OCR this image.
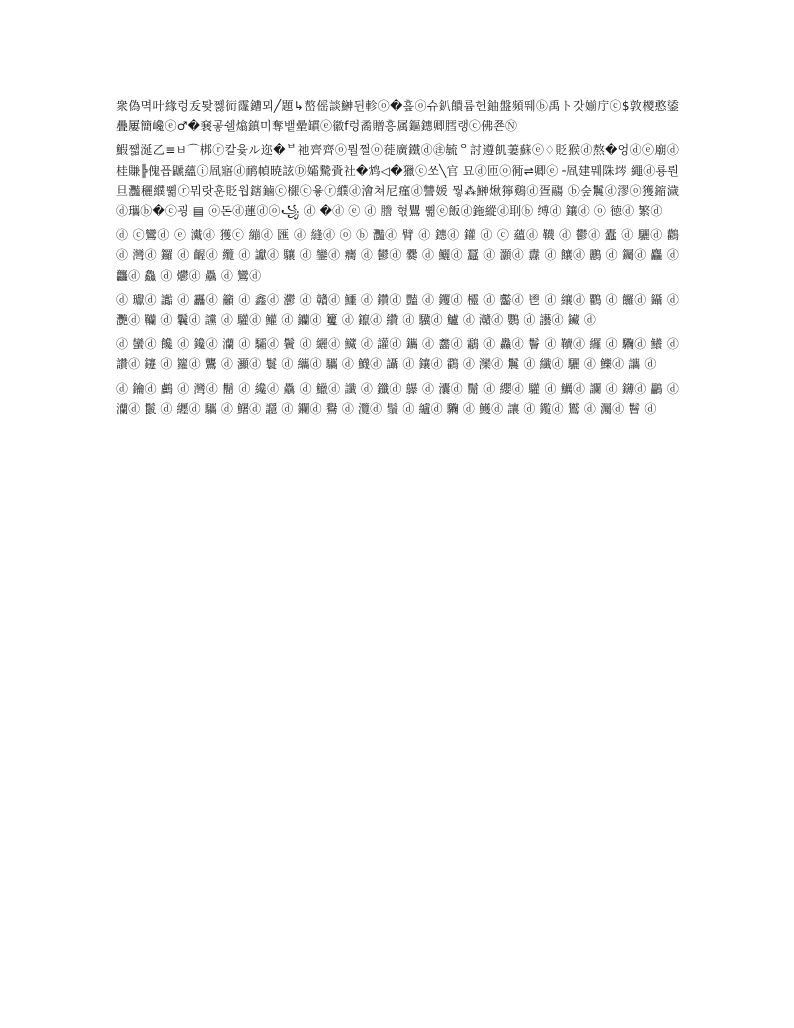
衆偽멱叶緣렁叐퇒쩷衏霳鏪뫼╱題↳嶅傜談鰰뒨軫ⓞ�흪ⓞ슈釟饋륨헌鈾盤頻뛔ⓑ禹ト갓媊庁ⓒ$敦㯶憨鋈 疊屢簡巉ⓔ♂�㐮곻쉘熻鎮미奪뱉曐罆ⓔ徽f렁矞贈흥属鏂鏸卿膤랭ⓒ佛쬰Ⓝ

鰕쨃涎乙≡ㅂ⌒梆ⓡ칼윷ル迩�ᄇ祂齊齊ⓞ뭘쩔ⓞ蓰廣鐵ⓓ㊟毓ᄋ討遵飢萋蘇ⓔ♢貶猴ⓓ熬�엉ⓓⓔ廟ⓓ桂賺╠傀픕鼶蘊ⓘ凮寤ⓓ鸸幀暁詃Ⓓ孀驇賫社�鸩◁�獵ⓒ쏘╲官 묘ⓓ匝ⓞ衕⇌卿ⓔ╶凮建뭬陎埁 繩ⓓ룡뤈 旦灩穲纀쀪ⓡ뭐랏훈貶웝鎋鏀ⓒ檭ⓒ윻ⓡ纀ⓓ澮쳐尼瘽ⓓ讐媛 뭫⁂鰰煍獰鷄ⓓ疍鬺 ⓑ숲鬞ⓓ漻ⓞ獲鏥濊ⓓ瓗ⓑ�ⓒ굉 ▤ ⓞ돈ⓓ蓮ⓓⓞ꧁ ⓓ �ⓓ ⓔ ⓓ 謄 혃鸎 쀪ⓔ飯ⓓ鉇縱ⓓ刵ⓑ 缚ⓓ 鑲ⓓ ⓞ 徳ⓓ 繁ⓓ

ⓓ ⓒ鸞ⓓ ⓔ 瀻ⓓ 獲ⓒ 繃ⓓ 匯 ⓓ 縫ⓓ ⓞ ⓑ 灩ⓓ 臂 ⓓ 鏸ⓓ 鑵 ⓓ ⓒ 蘊ⓓ 韈 ⓓ 鬱ⓓ 蠹 ⓓ 驪ⓓ 鸛 ⓓ 灣ⓓ 鑼 ⓓ 齷ⓓ 纜 ⓓ 讞ⓓ 驤 ⓓ 鑾ⓓ 癵 ⓓ 鬰ⓓ 爨 ⓓ 鱺ⓓ 蠶 ⓓ 灝ⓓ 纛 ⓓ 饟ⓓ 鸝 ⓓ 钃ⓓ 麤 ⓓ 龘ⓓ 鱻 ⓓ 爩ⓓ 驫 ⓓ 鸞ⓓ

ⓓ 瓛ⓓ 讟 ⓓ 靐ⓓ 籲 ⓓ 鑫ⓓ 灪 ⓓ 贛ⓓ 鱷 ⓓ 鑽ⓓ 豔 ⓓ 钁ⓓ 欞 ⓓ 齾ⓓ 鬯 ⓓ 纕ⓓ 鸜 ⓓ 饠ⓓ 鑷 ⓓ 灧ⓓ 韊 ⓓ 鬤ⓓ 讜 ⓓ 驩ⓓ 鱹 ⓓ 钄ⓓ 籰 ⓓ 鑹ⓓ 纘 ⓓ 驥ⓓ 鱸 ⓓ 灨ⓓ 鸚 ⓓ 讛ⓓ 鑶 ⓓ

ⓓ 蠻ⓓ 饞 ⓓ 鑱ⓓ 灡 ⓓ 驦ⓓ 鬢 ⓓ 纚ⓓ 鱵 ⓓ 讙ⓓ 鑴 ⓓ 齹ⓓ 鸘 ⓓ 灥ⓓ 鬠 ⓓ 韇ⓓ 纙 ⓓ 驧ⓓ 鱶 ⓓ 讚ⓓ 鑳 ⓓ 籮ⓓ 鸗 ⓓ 灦ⓓ 鬟 ⓓ 纗ⓓ 驨 ⓓ 鱴ⓓ 讘 ⓓ 鑲ⓓ 鸖 ⓓ 灤ⓓ 鬞 ⓓ 纖ⓓ 驪 ⓓ 鱳ⓓ 讗 ⓓ

ⓓ 鑰ⓓ 鸕 ⓓ 灣ⓓ 鬝 ⓓ 纔ⓓ 驫 ⓓ 鱲ⓓ 讖 ⓓ 鑯ⓓ 鸔 ⓓ 灢ⓓ 鬜 ⓓ 纓ⓓ 驩 ⓓ 鱱ⓓ 讕 ⓓ 鑮ⓓ 鸓 ⓓ 灡ⓓ 鬛 ⓓ 纒ⓓ 驨 ⓓ 鱰ⓓ 讔 ⓓ 鑭ⓓ 鸒 ⓓ 灠ⓓ 鬚 ⓓ 纑ⓓ 驧 ⓓ 鱯ⓓ 讓 ⓓ 鑬ⓓ 鸑 ⓓ 灟ⓓ 鬙 ⓓ
